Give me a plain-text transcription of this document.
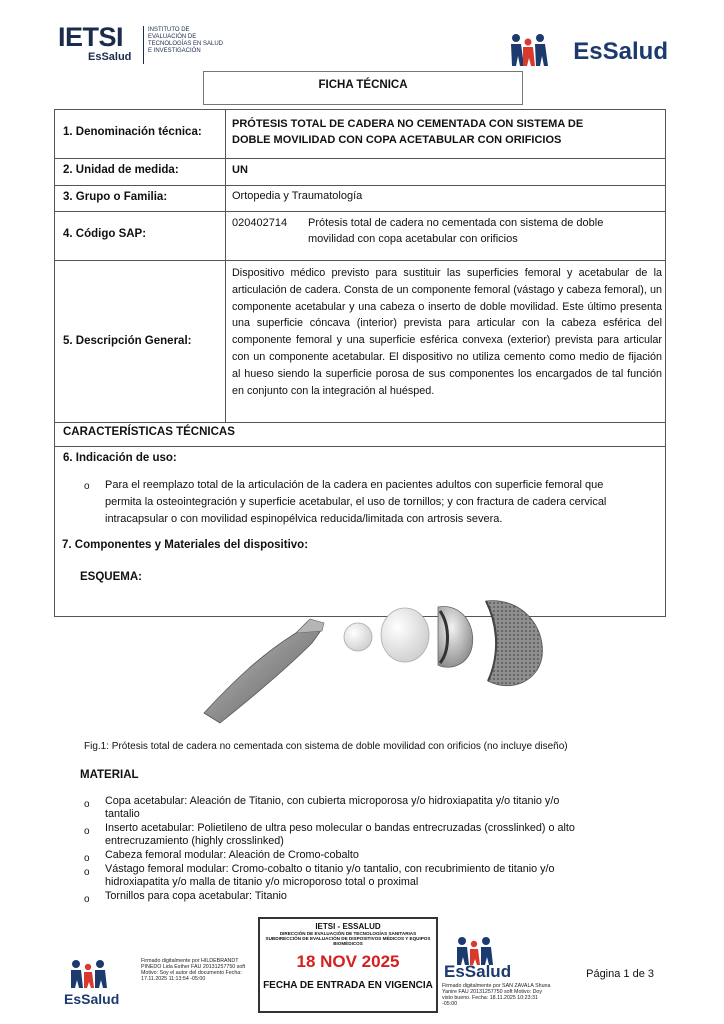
IETSI
EsSalud
INSTITUTO DE EVALUACIÓN DE TECNOLOGÍAS EN SALUD E INVESTIGACIÓN	EsSalud
FICHA TÉCNICA
1. Denominación técnica:
PRÓTESIS TOTAL DE CADERA NO CEMENTADA CON SISTEMA DE
DOBLE MOVILIDAD CON COPA ACETABULAR CON ORIFICIOS
2. Unidad de medida:	UN
3. Grupo o Familia:	Ortopedia y Traumatología
4. Código SAP:
020402714 Prótesis total de cadera no cementada con sistema de doble
movilidad con copa acetabular con orificios
5. Descripción General:
Dispositivo médico previsto para sustituir las superficies femoral y acetabular de la articulación de cadera. Consta de un componente femoral (vástago y cabeza femoral), un componente acetabular y una cabeza o inserto de doble movilidad. Este último presenta una superficie cóncava (interior) prevista para articular con la cabeza esférica del componente femoral y una superficie esférica convexa (exterior) prevista para articular con un componente acetabular. El dispositivo no utiliza cemento como medio de fijación al hueso siendo la superficie porosa de sus componentes los encargados de tal función en conjunto con la integración al huésped.
CARACTERÍSTICAS TÉCNICAS
6. Indicación de uso:
o Para el reemplazo total de la articulación de la cadera en pacientes adultos con superficie femoral que
permita la osteointegración y superficie acetabular, el uso de tornillos; y con fractura de cadera cervical
intracapsular o con movilidad espinopélvica reducida/limitada con artrosis severa.
7. Componentes y Materiales del dispositivo:
ESQUEMA:
Fig.1: Prótesis total de cadera no cementada con sistema de doble movilidad con orificios (no incluye diseño)
MATERIAL
o Copa acetabular: Aleación de Titanio, con cubierta microporosa y/o hidroxiapatita y/o titanio y/o
tantalio
o Inserto acetabular: Polietileno de ultra peso molecular o bandas entrecruzadas (crosslinked) o alto
entrecruzamiento (highly crosslinked)
o Cabeza femoral modular: Aleación de Cromo-cobalto
o Vástago femoral modular: Cromo-cobalto o titanio y/o tantalio, con recubrimiento de titanio y/o
hidroxiapatita y/o malla de titanio y/o microporoso total o proximal
o Tornillos para copa acetabular: Titanio
EsSalud
Firmado digitalmente por HILDEBRANDT PINEDO Lida Esther FAU 20131257750 soft Motivo: Soy el autor del documento Fecha: 17.11.2025 11:13:54 -05:00
IETSI - ESSALUD
DIRECCIÓN DE EVALUACIÓN DE TECNOLOGÍAS SANITARIAS
SUBDIRECCIÓN DE EVALUACIÓN DE DISPOSITIVOS MÉDICOS Y EQUIPOS BIOMÉDICOS
18 NOV 2025
FECHA DE ENTRADA EN VIGENCIA
EsSalud
Firmado digitalmente por SAN ZAVALA Shuna Yanire FAU 20131257750 soft Motivo: Doy visto bueno. Fecha: 18.11.2025 10:23:31 -05:00
Página 1 de 3
